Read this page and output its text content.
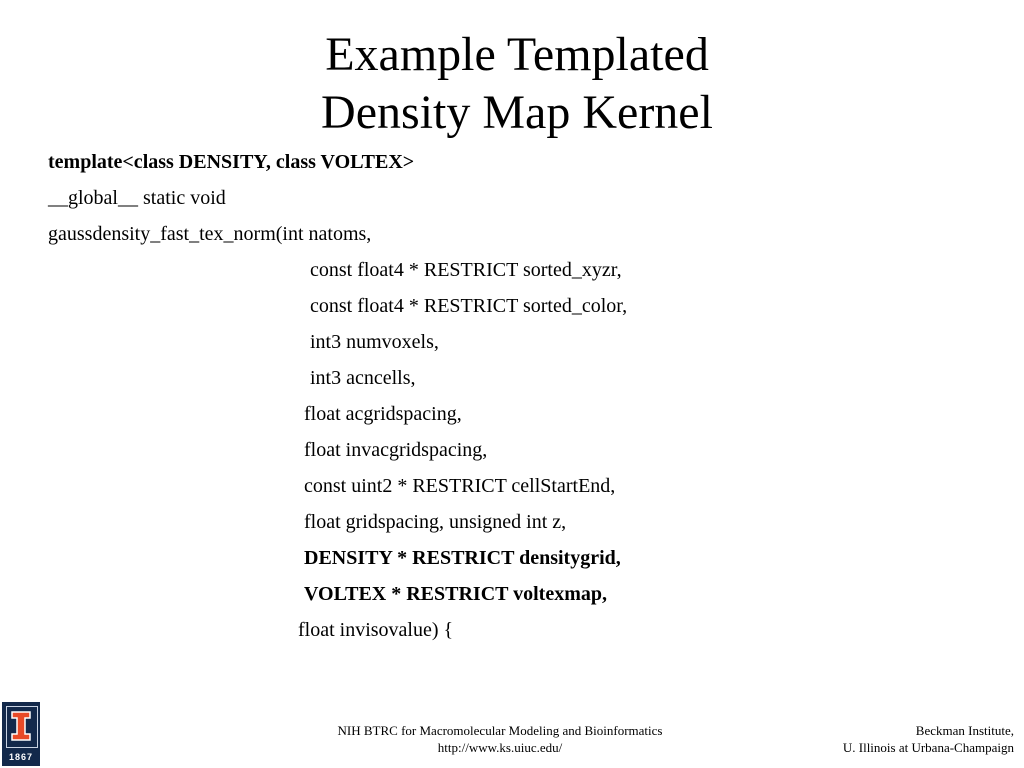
Example Templated
Density Map Kernel
template<class DENSITY, class VOLTEX>
__global__ static void
gaussdensity_fast_tex_norm(int natoms,
const float4 * RESTRICT sorted_xyzr,
const float4 * RESTRICT sorted_color,
int3 numvoxels,
int3 acncells,
float acgridspacing,
float invacgridspacing,
const uint2 * RESTRICT cellStartEnd,
float gridspacing, unsigned int z,
DENSITY * RESTRICT densitygrid,
VOLTEX * RESTRICT voltexmap,
float invisovalue) {
1867
NIH BTRC for Macromolecular Modeling and Bioinformatics
http://www.ks.uiuc.edu/
Beckman Institute,
U. Illinois at Urbana-Champaign
